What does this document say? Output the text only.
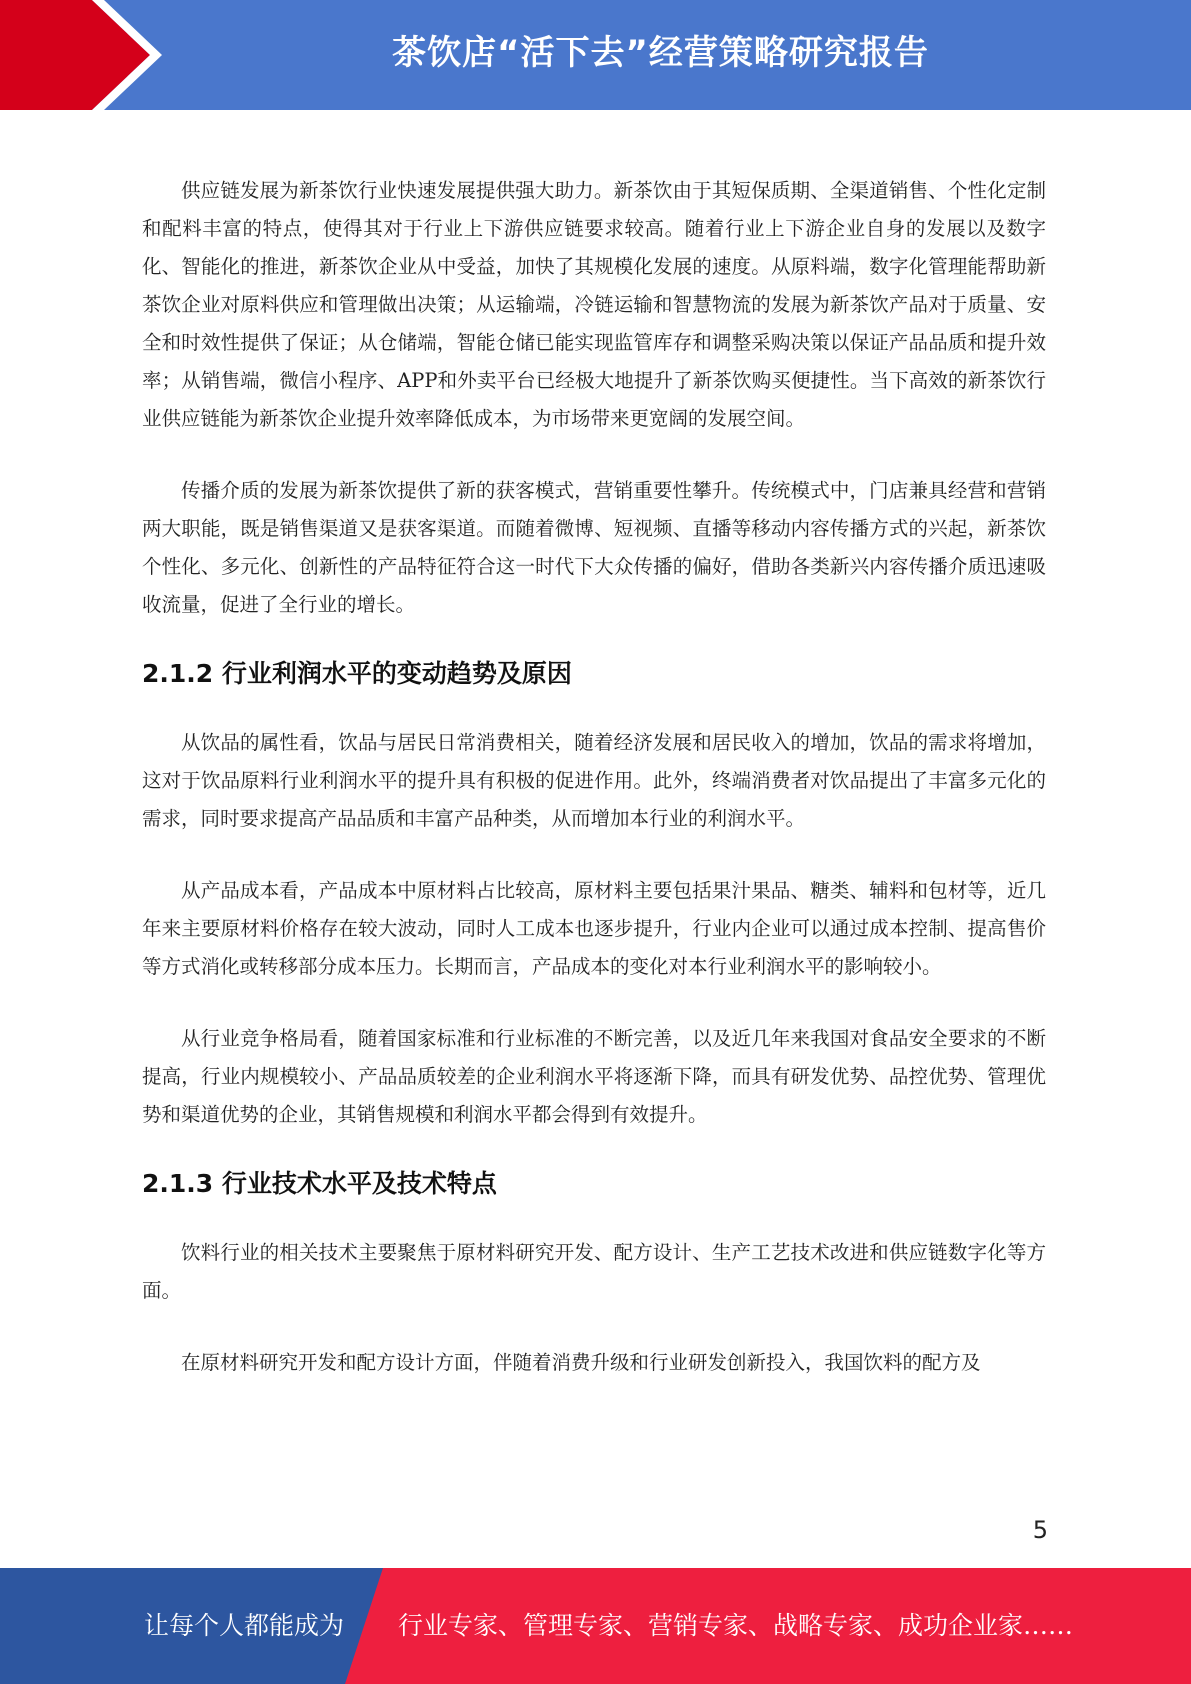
茶饮店“活下去”经营策略研究报告

供应链发展为新茶饮行业快速发展提供强大助力。新茶饮由于其短保质期、全渠道销售、个性化定制和配料丰富的特点，使得其对于行业上下游供应链要求较高。随着行业上下游企业自身的发展以及数字化、智能化的推进，新茶饮企业从中受益，加快了其规模化发展的速度。从原料端，数字化管理能帮助新茶饮企业对原料供应和管理做出决策；从运输端，冷链运输和智慧物流的发展为新茶饮产品对于质量、安全和时效性提供了保证；从仓储端，智能仓储已能实现监管库存和调整采购决策以保证产品品质和提升效率；从销售端，微信小程序、APP和外卖平台已经极大地提升了新茶饮购买便捷性。当下高效的新茶饮行业供应链能为新茶饮企业提升效率降低成本，为市场带来更宽阔的发展空间。

传播介质的发展为新茶饮提供了新的获客模式，营销重要性攀升。传统模式中，门店兼具经营和营销两大职能，既是销售渠道又是获客渠道。而随着微博、短视频、直播等移动内容传播方式的兴起，新茶饮个性化、多元化、创新性的产品特征符合这一时代下大众传播的偏好，借助各类新兴内容传播介质迅速吸收流量，促进了全行业的增长。

2.1.2 行业利润水平的变动趋势及原因

从饮品的属性看，饮品与居民日常消费相关，随着经济发展和居民收入的增加，饮品的需求将增加，这对于饮品原料行业利润水平的提升具有积极的促进作用。此外，终端消费者对饮品提出了丰富多元化的需求，同时要求提高产品品质和丰富产品种类，从而增加本行业的利润水平。

从产品成本看，产品成本中原材料占比较高，原材料主要包括果汁果品、糖类、辅料和包材等，近几年来主要原材料价格存在较大波动，同时人工成本也逐步提升，行业内企业可以通过成本控制、提高售价等方式消化或转移部分成本压力。长期而言，产品成本的变化对本行业利润水平的影响较小。

从行业竞争格局看，随着国家标准和行业标准的不断完善，以及近几年来我国对食品安全要求的不断提高，行业内规模较小、产品品质较差的企业利润水平将逐渐下降，而具有研发优势、品控优势、管理优势和渠道优势的企业，其销售规模和利润水平都会得到有效提升。

2.1.3 行业技术水平及技术特点

饮料行业的相关技术主要聚焦于原材料研究开发、配方设计、生产工艺技术改进和供应链数字化等方面。

在原材料研究开发和配方设计方面，伴随着消费升级和行业研发创新投入，我国饮料的配方及

5
让每个人都能成为 行业专家、管理专家、营销专家、战略专家、成功企业家……
